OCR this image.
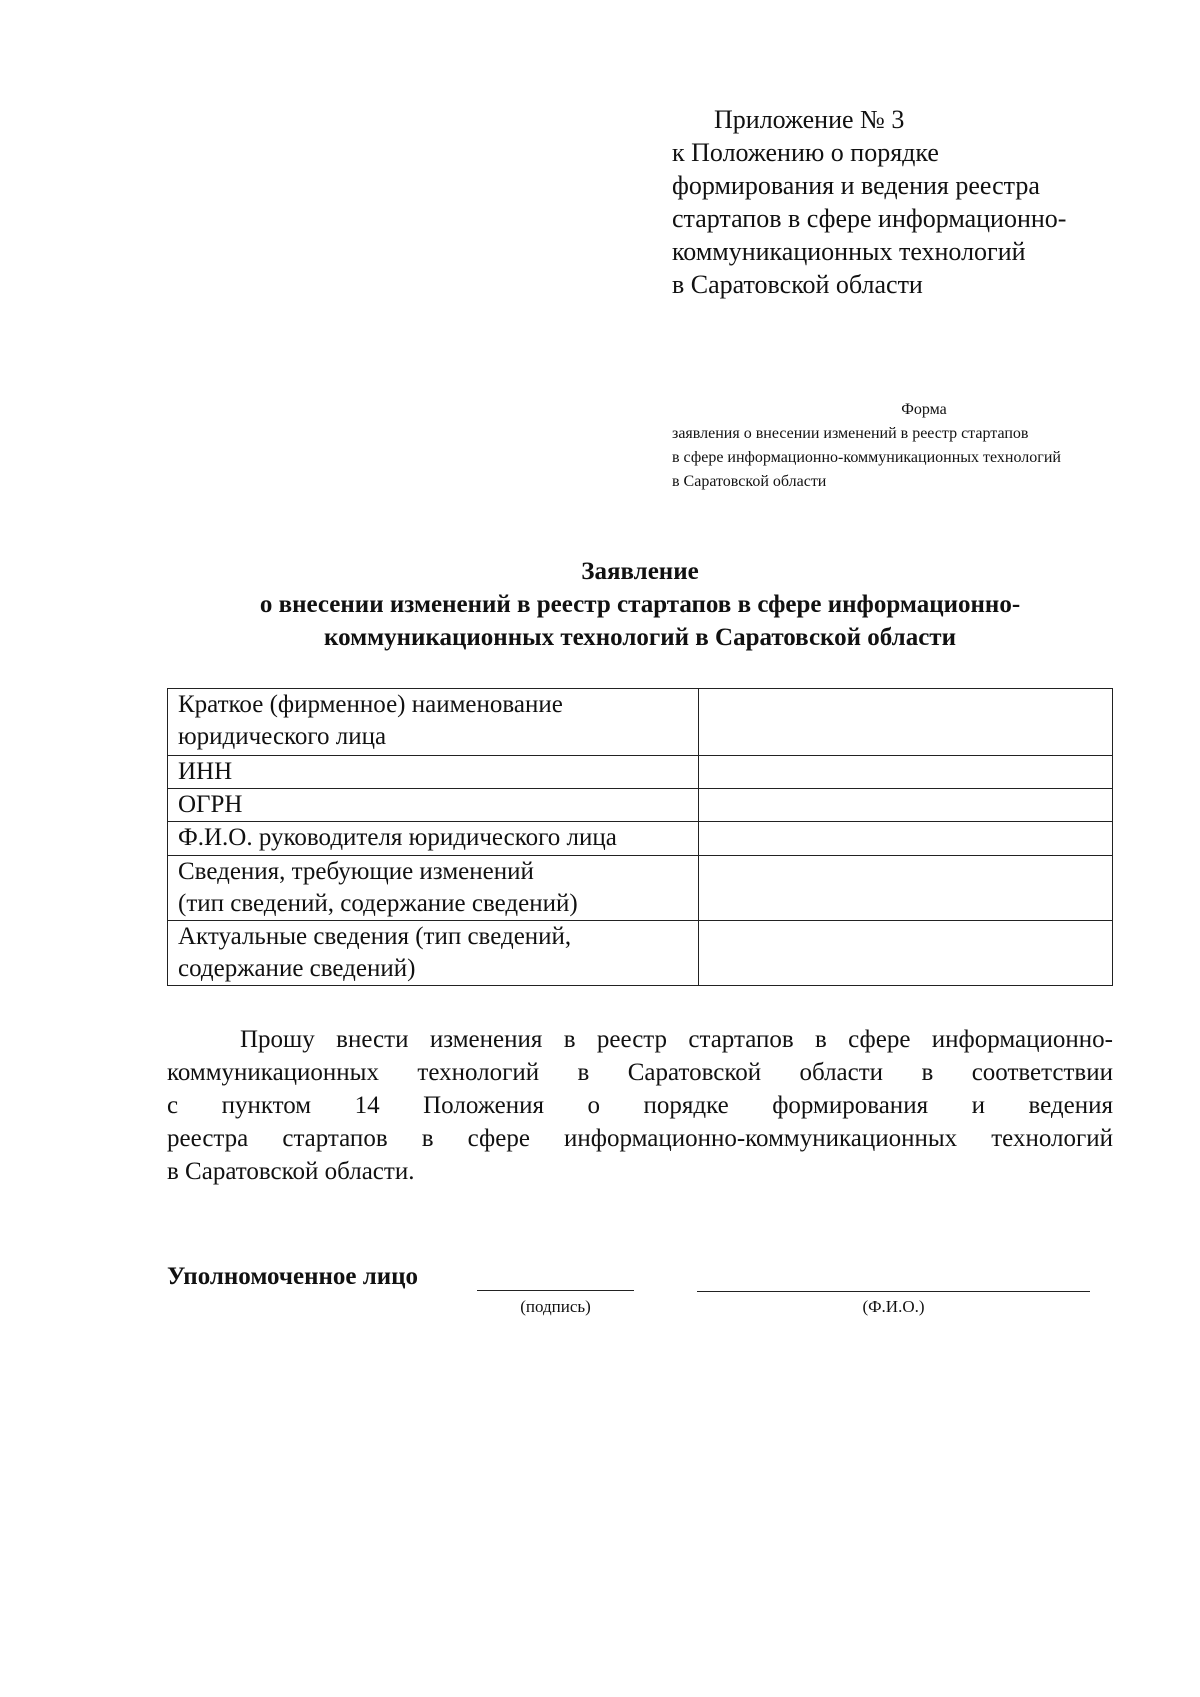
Приложение № 3
к Положению о порядке
формирования и ведения реестра
стартапов в сфере информационно-
коммуникационных технологий
в Саратовской области
Форма
заявления о внесении изменений в реестр стартапов
в сфере информационно-коммуникационных технологий
в Саратовской области
Заявление
о внесении изменений в реестр стартапов в сфере информационно-
коммуникационных технологий в Саратовской области
Краткое (фирменное) наименование
юридического лица	

ИНН	

ОГРН	

Ф.И.О. руководителя юридического лица	

Сведения, требующие изменений
(тип сведений, содержание сведений)	

Актуальные сведения (тип сведений,
содержание сведений)	

Прошу внести изменения в реестр стартапов в сфере информационно-
коммуникационных технологий в Саратовской области в соответствии
с пунктом 14 Положения о порядке формирования и ведения
реестра стартапов в сфере информационно-коммуникационных технологий
в Саратовской области.
Уполномоченное лицо
(подпись)	(Ф.И.О.)
